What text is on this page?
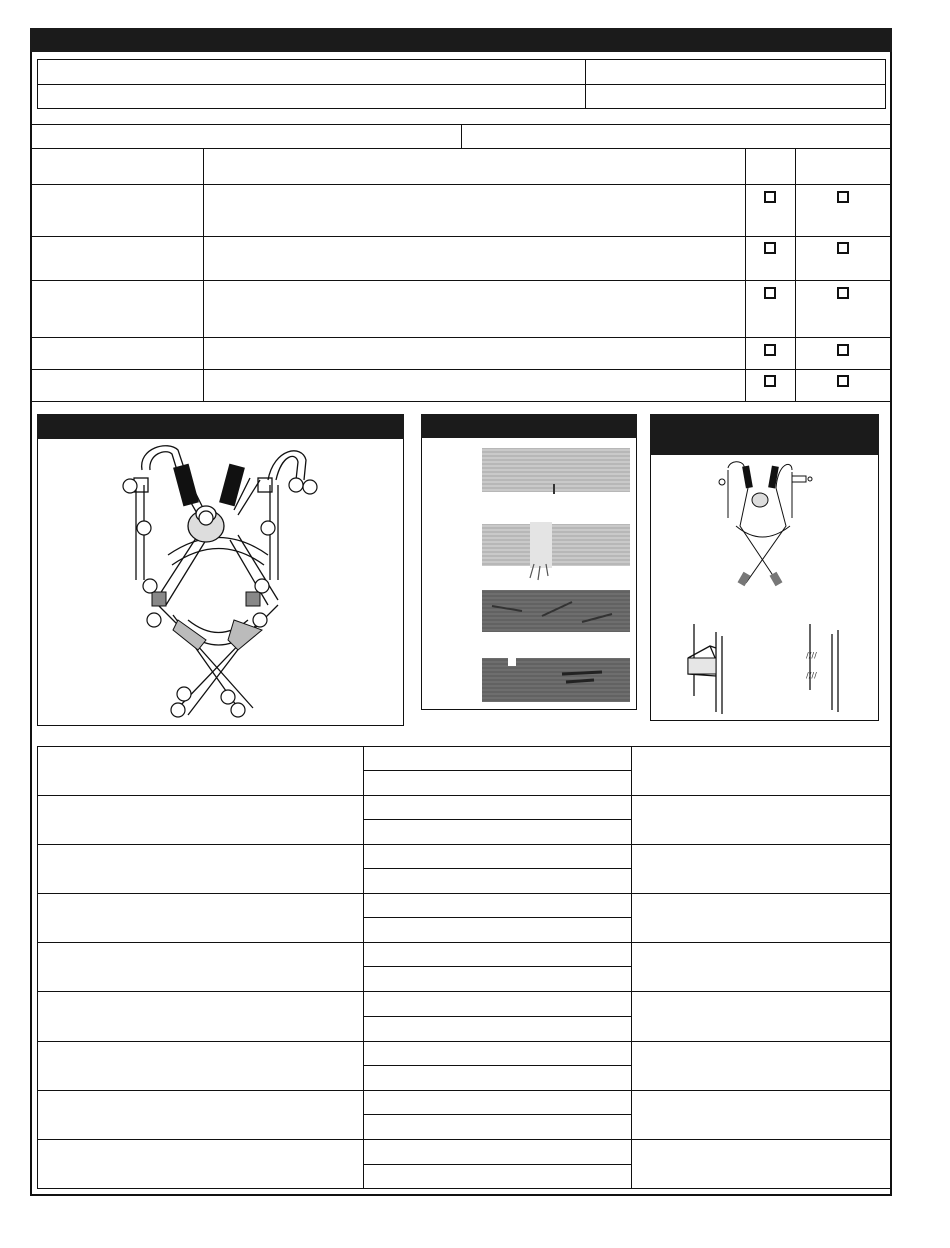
////
////
